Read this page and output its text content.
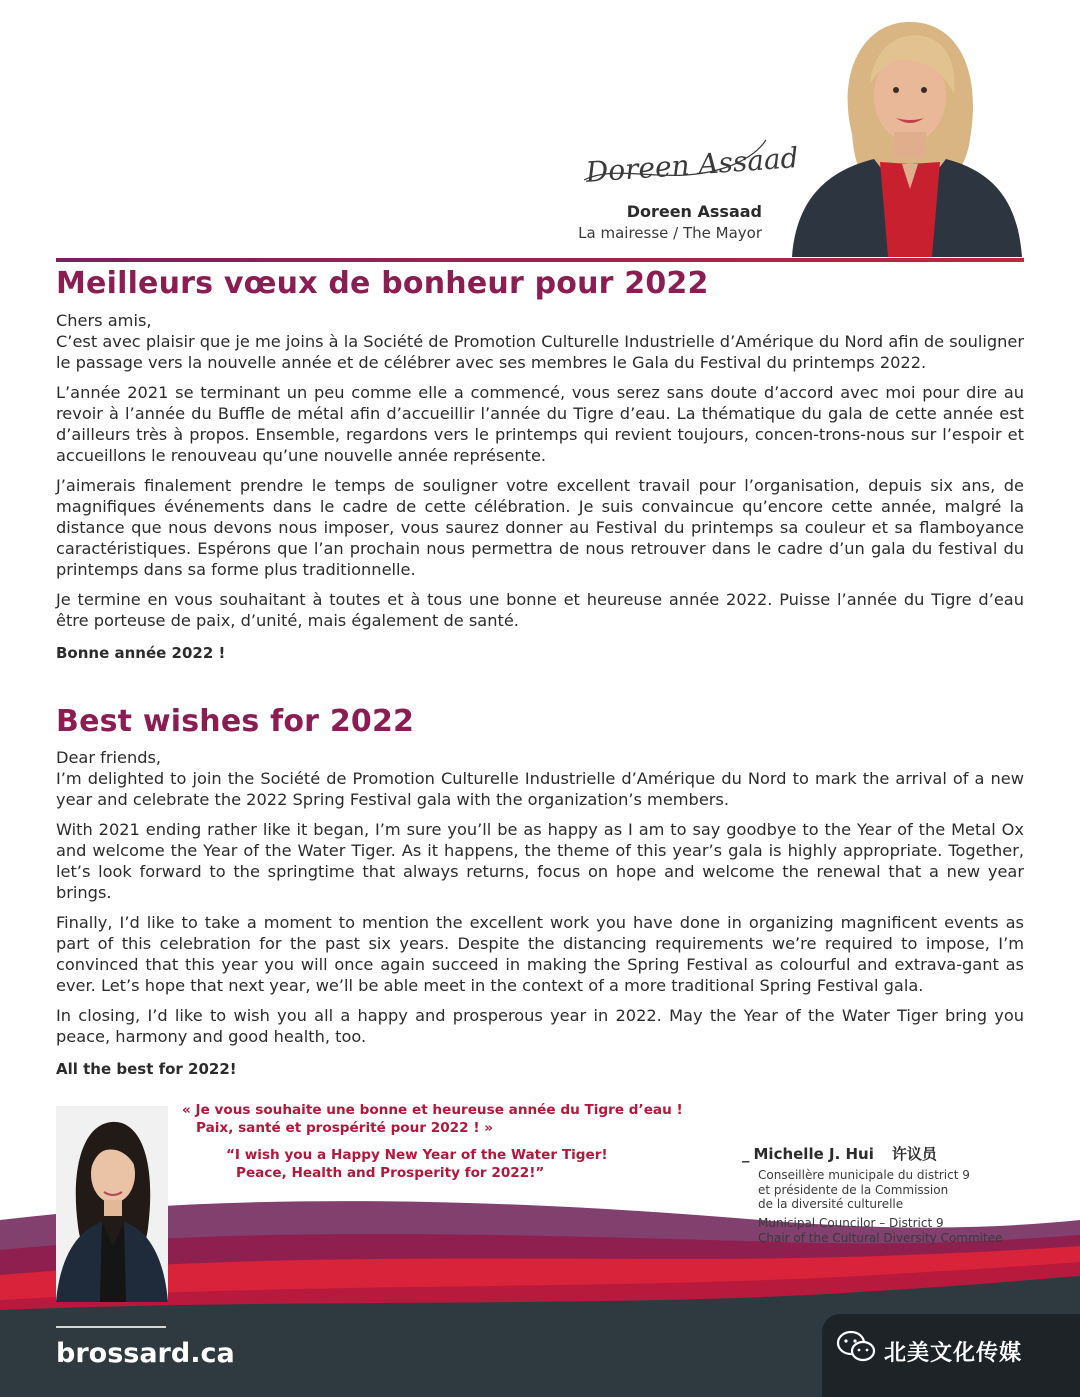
Doreen Assaad
Doreen Assaad
La mairesse / The Mayor
Meilleurs vœux de bonheur pour 2022

Chers amis,

C’est avec plaisir que je me joins à la Société de Promotion Culturelle Industrielle d’Amérique du Nord afin de souligner le passage vers la nouvelle année et de célébrer avec ses membres le Gala du Festival du printemps 2022.

L’année 2021 se terminant un peu comme elle a commencé, vous serez sans doute d’accord avec moi pour dire au revoir à l’année du Buffle de métal afin d’accueillir l’année du Tigre d’eau. La thématique du gala de cette année est d’ailleurs très à propos. Ensemble, regardons vers le printemps qui revient toujours, concen-trons-nous sur l’espoir et accueillons le renouveau qu’une nouvelle année représente.

J’aimerais finalement prendre le temps de souligner votre excellent travail pour l’organisation, depuis six ans, de magnifiques événements dans le cadre de cette célébration. Je suis convaincue qu’encore cette année, malgré la distance que nous devons nous imposer, vous saurez donner au Festival du printemps sa couleur et sa flamboyance caractéristiques. Espérons que l’an prochain nous permettra de nous retrouver dans le cadre d’un gala du festival du printemps dans sa forme plus traditionnelle.

Je termine en vous souhaitant à toutes et à tous une bonne et heureuse année 2022. Puisse l’année du Tigre d’eau être porteuse de paix, d’unité, mais également de santé.

Bonne année 2022 !

Best wishes for 2022

Dear friends,

I’m delighted to join the Société de Promotion Culturelle Industrielle d’Amérique du Nord to mark the arrival of a new year and celebrate the 2022 Spring Festival gala with the organization’s members.

With 2021 ending rather like it began, I’m sure you’ll be as happy as I am to say goodbye to the Year of the Metal Ox and welcome the Year of the Water Tiger. As it happens, the theme of this year’s gala is highly appropriate. Together, let’s look forward to the springtime that always returns, focus on hope and welcome the renewal that a new year brings.

Finally, I’d like to take a moment to mention the excellent work you have done in organizing magnificent events as part of this celebration for the past six years. Despite the distancing requirements we’re required to impose, I’m convinced that this year you will once again succeed in making the Spring Festival as colourful and extrava-gant as ever. Let’s hope that next year, we’ll be able meet in the context of a more traditional Spring Festival gala.

In closing, I’d like to wish you all a happy and prosperous year in 2022. May the Year of the Water Tiger bring you peace, harmony and good health, too.

All the best for 2022!

« Je vous souhaite une bonne et heureuse année du Tigre d’eau !
Paix, santé et prospérité pour 2022 ! »
“I wish you a Happy New Year of the Water Tiger!
Peace, Health and Prosperity for 2022!”
_ Michelle J. Hui 许议员
Conseillère municipale du district 9
et présidente de la Commission
de la diversité culturelle
Municipal Councilor – District 9
Chair of the Cultural Diversity Commitee
brossard.ca	北美文化传媒
